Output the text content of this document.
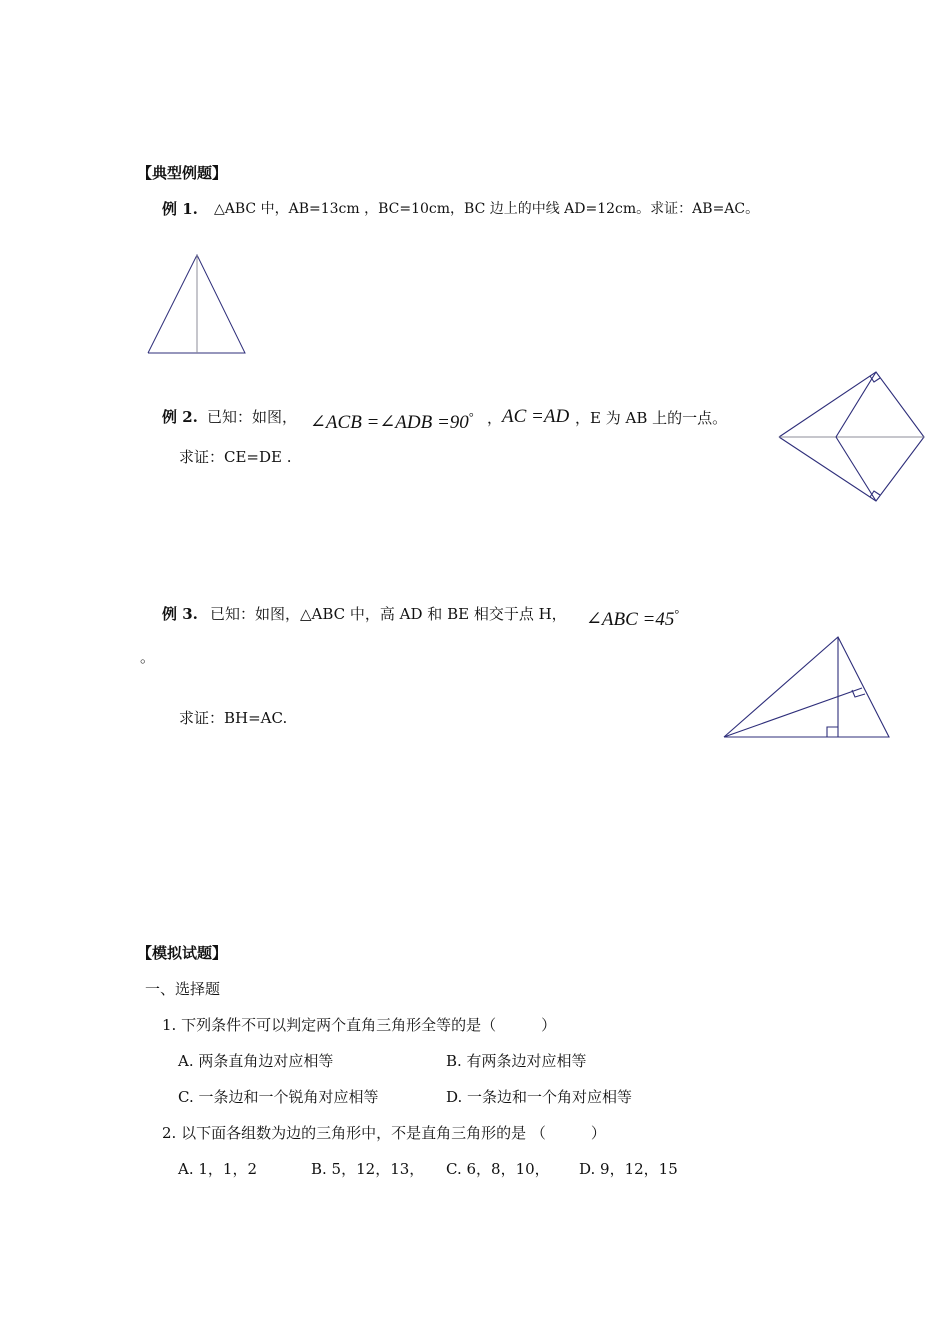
【典型例题】
例 1. △ABC 中，AB=13cm ，BC=10cm，BC 边上的中线 AD=12cm。求证：AB=AC。
例 2. 已知：如图， ∠ACB =∠ADB =90° ， AC =AD ，E 为 AB 上的一点。
求证：CE=DE .
例 3. 已知：如图，△ABC 中，高 AD 和 BE 相交于点 H， ∠ABC =45°
。
求证：BH=AC.
【模拟试题】
一、选择题
1. 下列条件不可以判定两个直角三角形全等的是（　　　）
A. 两条直角边对应相等	B. 有两条边对应相等
C. 一条边和一个锐角对应相等	D. 一条边和一个角对应相等
2. 以下面各组数为边的三角形中，不是直角三角形的是 （　　　）
A. 1，1，2	B. 5，12，13， C. 6，8，10， D. 9，12，15
